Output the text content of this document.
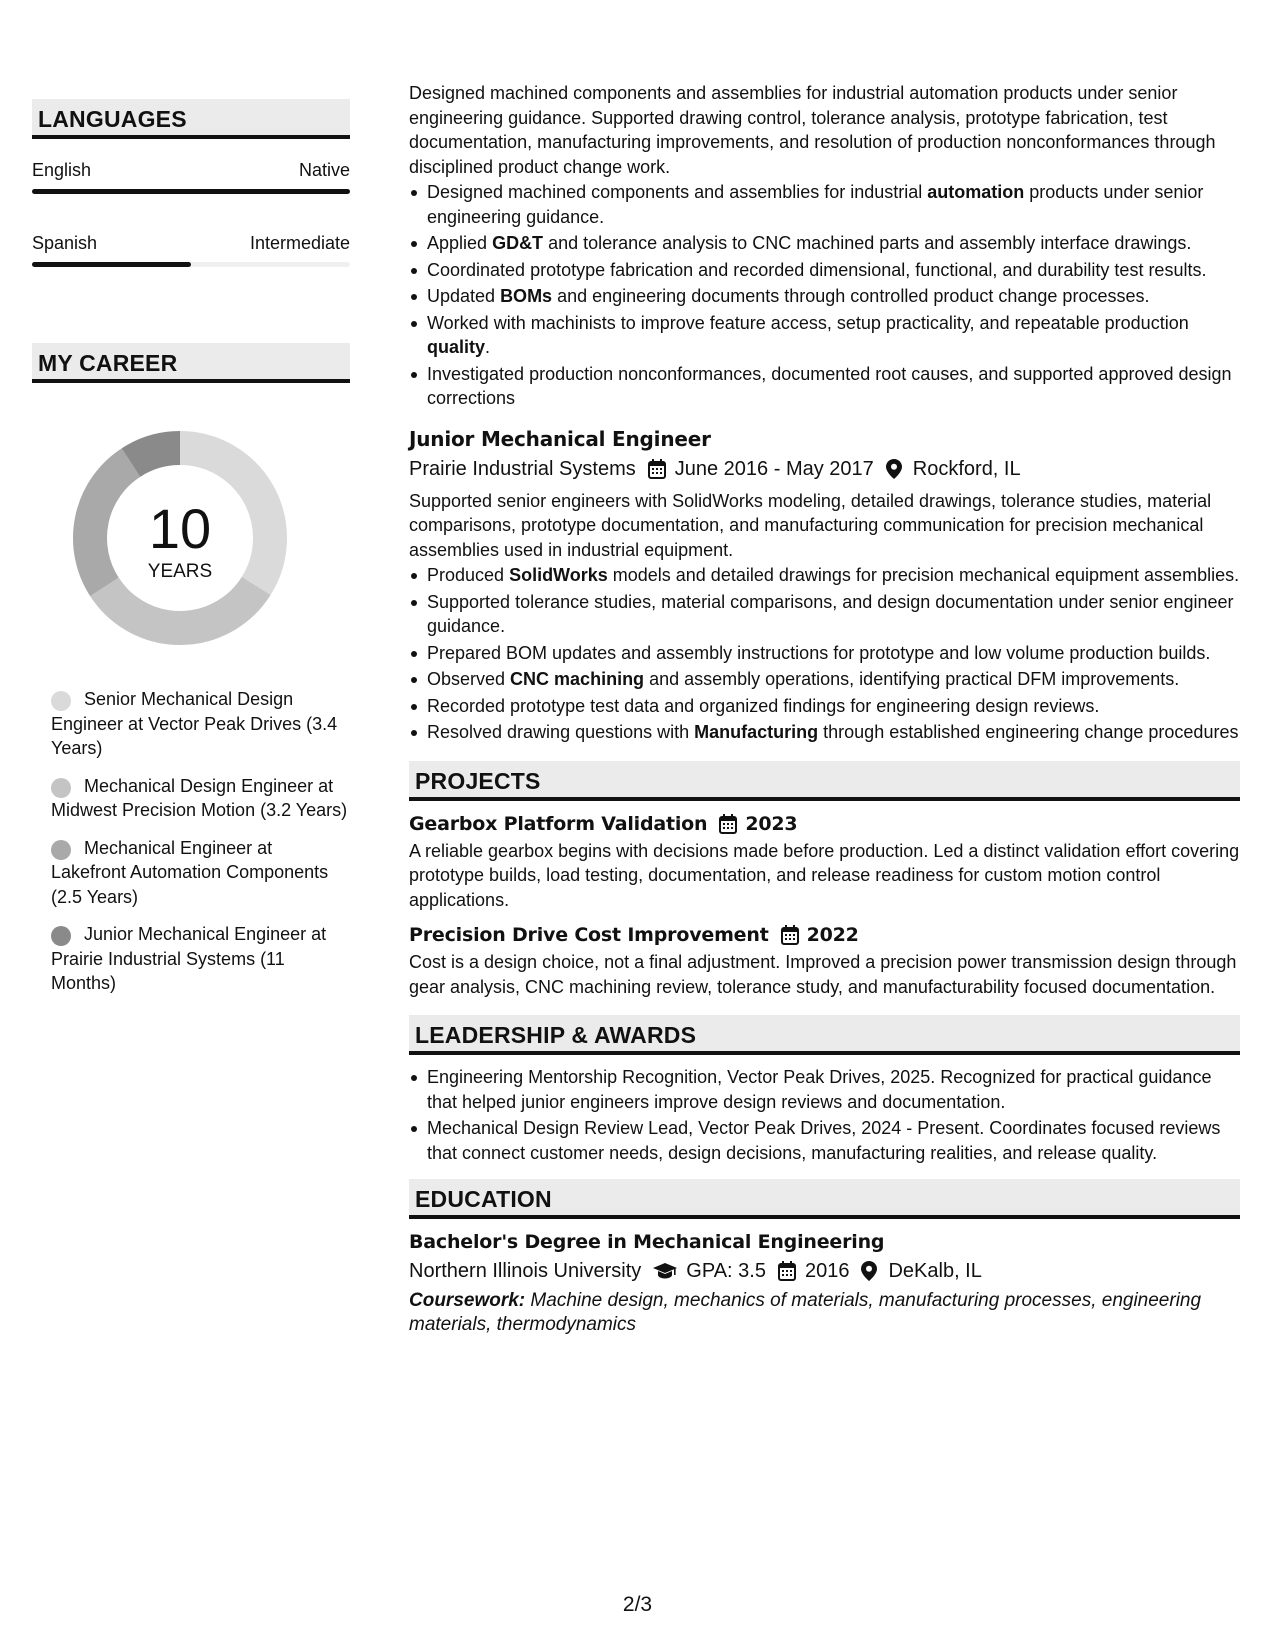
LANGUAGES
English	Native
Spanish	Intermediate
MY CAREER
10
YEARS
Senior Mechanical Design Engineer at Vector Peak Drives (3.4 Years)
Mechanical Design Engineer at Midwest Precision Motion (3.2 Years)
Mechanical Engineer at Lakefront Automation Components (2.5 Years)
Junior Mechanical Engineer at Prairie Industrial Systems (11 Months)
Designed machined components and assemblies for industrial automation products under senior engineering guidance. Supported drawing control, tolerance analysis, prototype fabrication, test documentation, manufacturing improvements, and resolution of production nonconformances through disciplined product change work.
Designed machined components and assemblies for industrial automation products under senior engineering guidance.
Applied GD&T and tolerance analysis to CNC machined parts and assembly interface drawings.
Coordinated prototype fabrication and recorded dimensional, functional, and durability test results.
Updated BOMs and engineering documents through controlled product change processes.
Worked with machinists to improve feature access, setup practicality, and repeatable production quality.
Investigated production nonconformances, documented root causes, and supported approved design corrections
Junior Mechanical Engineer
Prairie Industrial Systems June 2016 - May 2017 Rockford, IL
Supported senior engineers with SolidWorks modeling, detailed drawings, tolerance studies, material comparisons, prototype documentation, and manufacturing communication for precision mechanical assemblies used in industrial equipment.
Produced SolidWorks models and detailed drawings for precision mechanical equipment assemblies.
Supported tolerance studies, material comparisons, and design documentation under senior engineer guidance.
Prepared BOM updates and assembly instructions for prototype and low volume production builds.
Observed CNC machining and assembly operations, identifying practical DFM improvements.
Recorded prototype test data and organized findings for engineering design reviews.
Resolved drawing questions with Manufacturing through established engineering change procedures
PROJECTS
Gearbox Platform Validation 2023
A reliable gearbox begins with decisions made before production. Led a distinct validation effort covering prototype builds, load testing, documentation, and release readiness for custom motion control applications.
Precision Drive Cost Improvement 2022
Cost is a design choice, not a final adjustment. Improved a precision power transmission design through gear analysis, CNC machining review, tolerance study, and manufacturability focused documentation.
LEADERSHIP & AWARDS
Engineering Mentorship Recognition, Vector Peak Drives, 2025. Recognized for practical guidance that helped junior engineers improve design reviews and documentation.
Mechanical Design Review Lead, Vector Peak Drives, 2024 - Present. Coordinates focused reviews that connect customer needs, design decisions, manufacturing realities, and release quality.
EDUCATION
Bachelor's Degree in Mechanical Engineering
Northern Illinois University GPA: 3.5 2016 DeKalb, IL
Coursework: Machine design, mechanics of materials, manufacturing processes, engineering materials, thermodynamics
2/3
